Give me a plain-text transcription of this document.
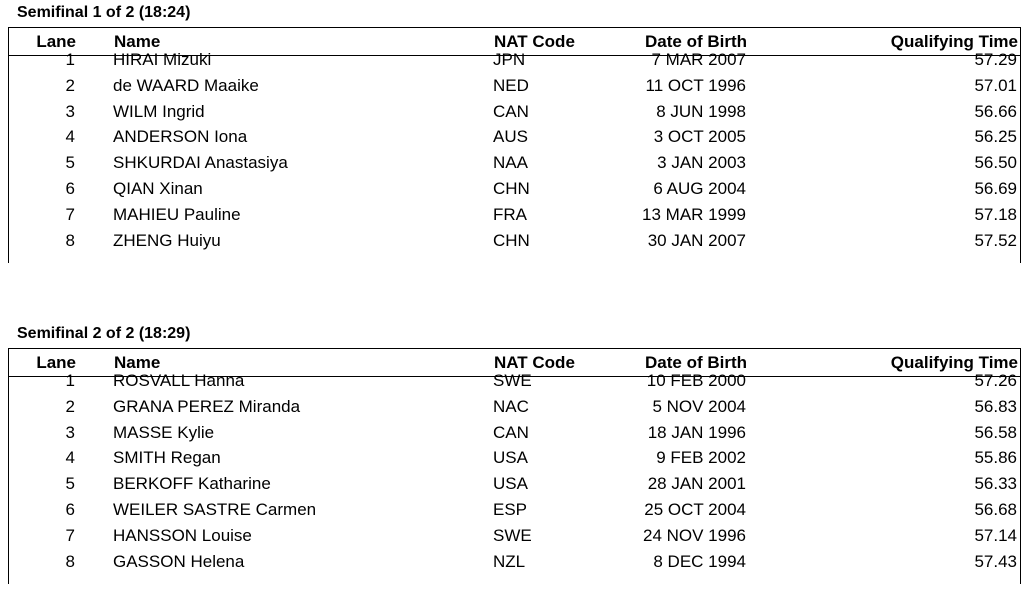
Semifinal 1 of 2 (18:24)
Lane Name	NAT Code	Date of Birth	Qualifying Time
1 HIRAI Mizuki	JPN	7 MAR 2007	57.29
2 de WAARD Maaike	NED	11 OCT 1996	57.01
3 WILM Ingrid	CAN	8 JUN 1998	56.66
4 ANDERSON Iona	AUS	3 OCT 2005	56.25
5 SHKURDAI Anastasiya	NAA	3 JAN 2003	56.50
6 QIAN Xinan	CHN	6 AUG 2004	56.69
7 MAHIEU Pauline	FRA	13 MAR 1999	57.18
8 ZHENG Huiyu	CHN	30 JAN 2007	57.52
Semifinal 2 of 2 (18:29)
Lane Name	NAT Code	Date of Birth	Qualifying Time
1 ROSVALL Hanna	SWE	10 FEB 2000	57.26
2 GRANA PEREZ Miranda	NAC	5 NOV 2004	56.83
3 MASSE Kylie	CAN	18 JAN 1996	56.58
4 SMITH Regan	USA	9 FEB 2002	55.86
5 BERKOFF Katharine	USA	28 JAN 2001	56.33
6 WEILER SASTRE Carmen	ESP	25 OCT 2004	56.68
7 HANSSON Louise	SWE	24 NOV 1996	57.14
8 GASSON Helena	NZL	8 DEC 1994	57.43
